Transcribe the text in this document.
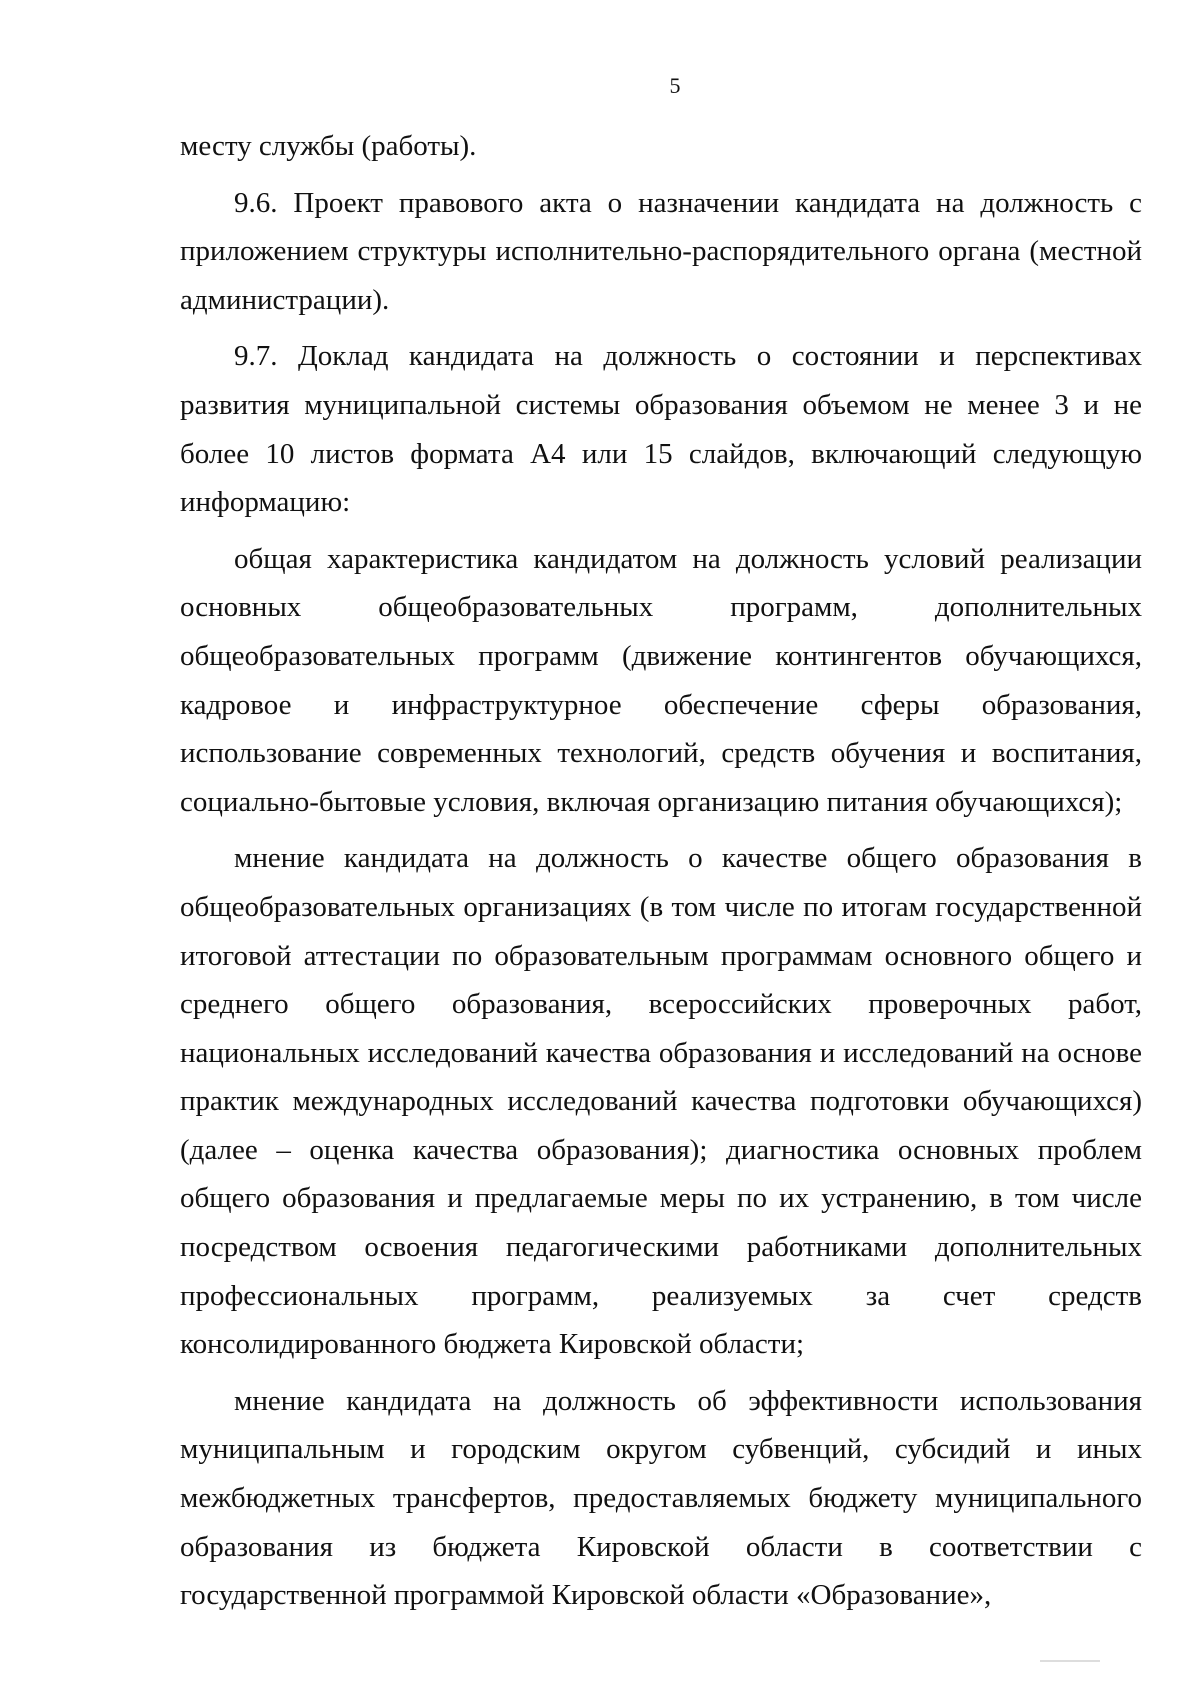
5

месту службы (работы).

9.6. Проект правового акта о назначении кандидата на должность с приложением структуры исполнительно-распорядительного органа (местной администрации).

9.7. Доклад кандидата на должность о состоянии и перспективах развития муниципальной системы образования объемом не менее 3 и не более 10 листов формата А4 или 15 слайдов, включающий следующую информацию:

общая характеристика кандидатом на должность условий реализации основных общеобразовательных программ, дополнительных общеобразовательных программ (движение контингентов обучающихся, кадровое и инфраструктурное обеспечение сферы образования, использование современных технологий, средств обучения и воспитания, социально-бытовые условия, включая организацию питания обучающихся);

мнение кандидата на должность о качестве общего образования в общеобразовательных организациях (в том числе по итогам государственной итоговой аттестации по образовательным программам основного общего и среднего общего образования, всероссийских проверочных работ, национальных исследований качества образования и исследований на основе практик международных исследований качества подготовки обучающихся) (далее – оценка качества образования); диагностика основных проблем общего образования и предлагаемые меры по их устранению, в том числе посредством освоения педагогическими работниками дополнительных профессиональных программ, реализуемых за счет средств консолидированного бюджета Кировской области;

мнение кандидата на должность об эффективности использования муниципальным и городским округом субвенций, субсидий и иных межбюджетных трансфертов, предоставляемых бюджету муниципального образования из бюджета Кировской области в соответствии с государственной программой Кировской области «Образование»,
